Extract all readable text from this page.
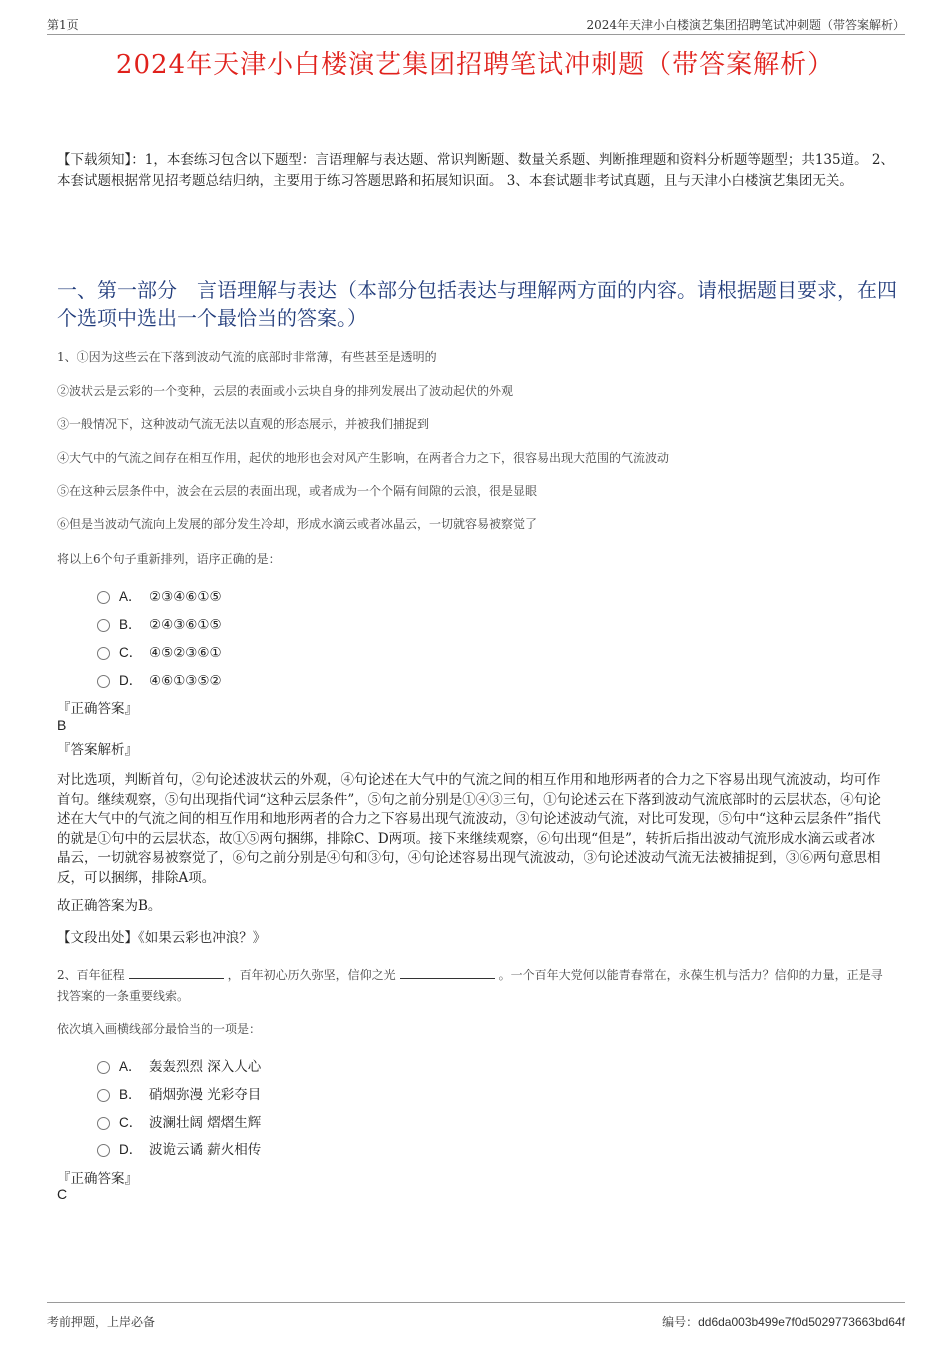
第1页	2024年天津小白楼演艺集团招聘笔试冲刺题（带答案解析）
2024年天津小白楼演艺集团招聘笔试冲刺题（带答案解析）
【下载须知】：1，本套练习包含以下题型：言语理解与表达题、常识判断题、数量关系题、判断推理题和资料分析题等题型；共135道。 2、本套试题根据常见招考题总结归纳，主要用于练习答题思路和拓展知识面。 3、本套试题非考试真题，且与天津小白楼演艺集团无关。
一、第一部分　言语理解与表达（本部分包括表达与理解两方面的内容。请根据题目要求，在四个选项中选出一个最恰当的答案。）
1、①因为这些云在下落到波动气流的底部时非常薄，有些甚至是透明的
②波状云是云彩的一个变种，云层的表面或小云块自身的排列发展出了波动起伏的外观
③一般情况下，这种波动气流无法以直观的形态展示，并被我们捕捉到
④大气中的气流之间存在相互作用，起伏的地形也会对风产生影响，在两者合力之下，很容易出现大范围的气流波动
⑤在这种云层条件中，波会在云层的表面出现，或者成为一个个隔有间隙的云浪，很是显眼
⑥但是当波动气流向上发展的部分发生冷却，形成水滴云或者冰晶云，一切就容易被察觉了
将以上6个句子重新排列，语序正确的是：
A． ②③④⑥①⑤
B． ②④③⑥①⑤
C． ④⑤②③⑥①
D． ④⑥①③⑤②
『正确答案』
B
『答案解析』
对比选项，判断首句，②句论述波状云的外观，④句论述在大气中的气流之间的相互作用和地形两者的合力之下容易出现气流波动，均可作首句。继续观察，⑤句出现指代词“这种云层条件”，⑤句之前分别是①④③三句，①句论述云在下落到波动气流底部时的云层状态，④句论述在大气中的气流之间的相互作用和地形两者的合力之下容易出现气流波动，③句论述波动气流，对比可发现，⑤句中“这种云层条件”指代的就是①句中的云层状态，故①⑤两句捆绑，排除C、D两项。接下来继续观察，⑥句出现“但是”，转折后指出波动气流形成水滴云或者冰晶云，一切就容易被察觉了，⑥句之前分别是④句和③句，④句论述容易出现气流波动，③句论述波动气流无法被捕捉到，③⑥两句意思相反，可以捆绑，排除A项。
故正确答案为B。
【文段出处】《如果云彩也冲浪？》
2、百年征程	，百年初心历久弥坚，信仰之光	。一个百年大党何以能青春常在，永葆生机与活力？信仰的力量，正是寻找答案的一条重要线索。
依次填入画横线部分最恰当的一项是：
A． 轰轰烈烈 深入人心
B． 硝烟弥漫 光彩夺目
C． 波澜壮阔 熠熠生辉
D． 波诡云谲 薪火相传
『正确答案』
C
考前押题，上岸必备	编号：dd6da003b499e7f0d5029773663bd64f
